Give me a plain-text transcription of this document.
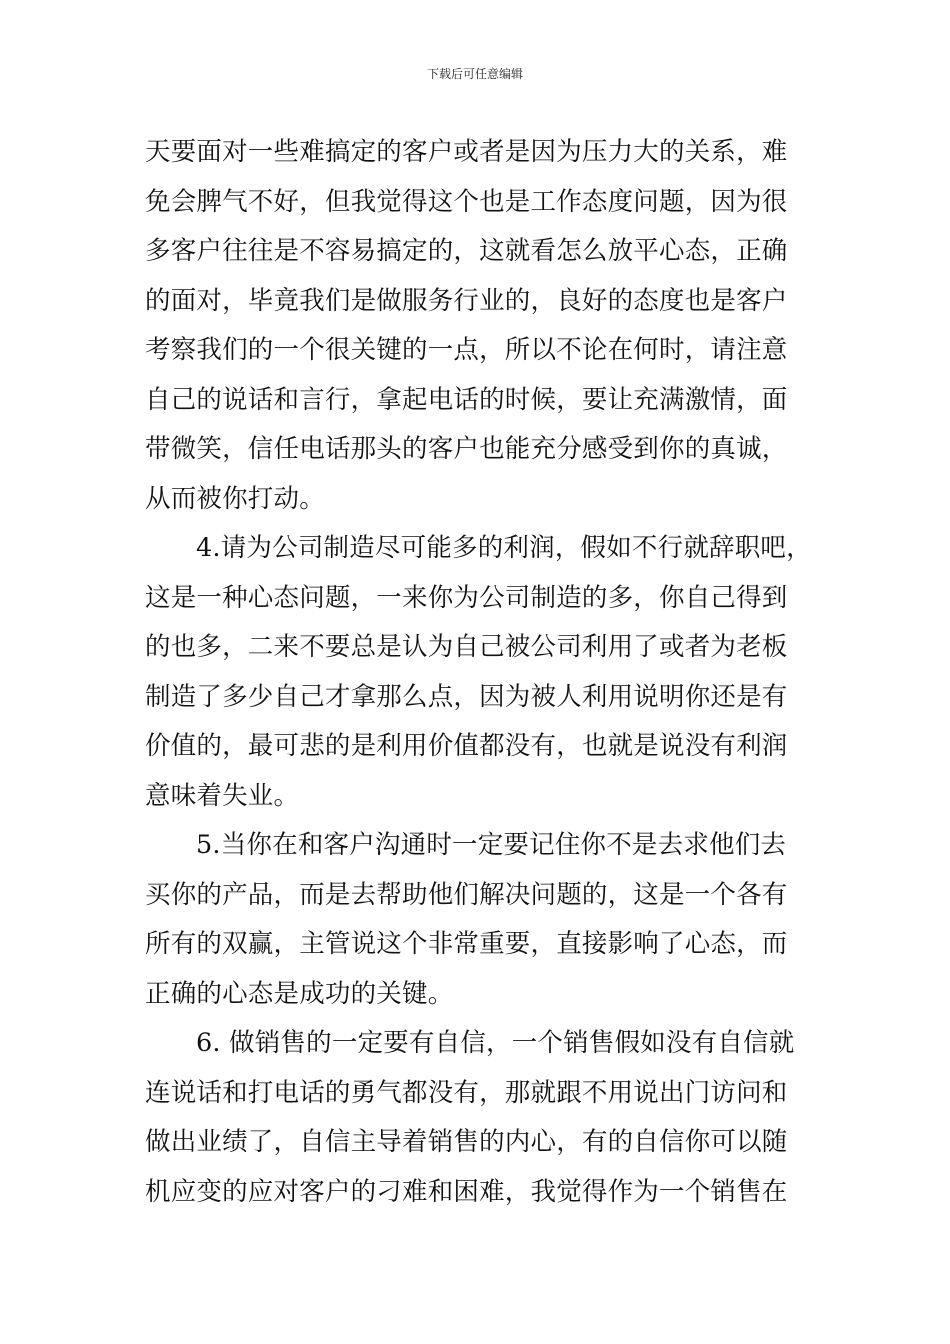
下载后可任意编辑
天要面对一些难搞定的客户或者是因为压力大的关系，难
免会脾气不好，但我觉得这个也是工作态度问题，因为很
多客户往往是不容易搞定的，这就看怎么放平心态，正确
的面对，毕竟我们是做服务行业的，良好的态度也是客户
考察我们的一个很关键的一点，所以不论在何时，请注意
自己的说话和言行，拿起电话的时候，要让充满激情，面
带微笑，信任电话那头的客户也能充分感受到你的真诚，
从而被你打动。
4.请为公司制造尽可能多的利润，假如不行就辞职吧，
这是一种心态问题，一来你为公司制造的多，你自己得到
的也多，二来不要总是认为自己被公司利用了或者为老板
制造了多少自己才拿那么点，因为被人利用说明你还是有
价值的，最可悲的是利用价值都没有，也就是说没有利润
意味着失业。
5.当你在和客户沟通时一定要记住你不是去求他们去
买你的产品，而是去帮助他们解决问题的，这是一个各有
所有的双赢，主管说这个非常重要，直接影响了心态，而
正确的心态是成功的关键。
6. 做销售的一定要有自信，一个销售假如没有自信就
连说话和打电话的勇气都没有，那就跟不用说出门访问和
做出业绩了，自信主导着销售的内心，有的自信你可以随
机应变的应对客户的刁难和困难，我觉得作为一个销售在
